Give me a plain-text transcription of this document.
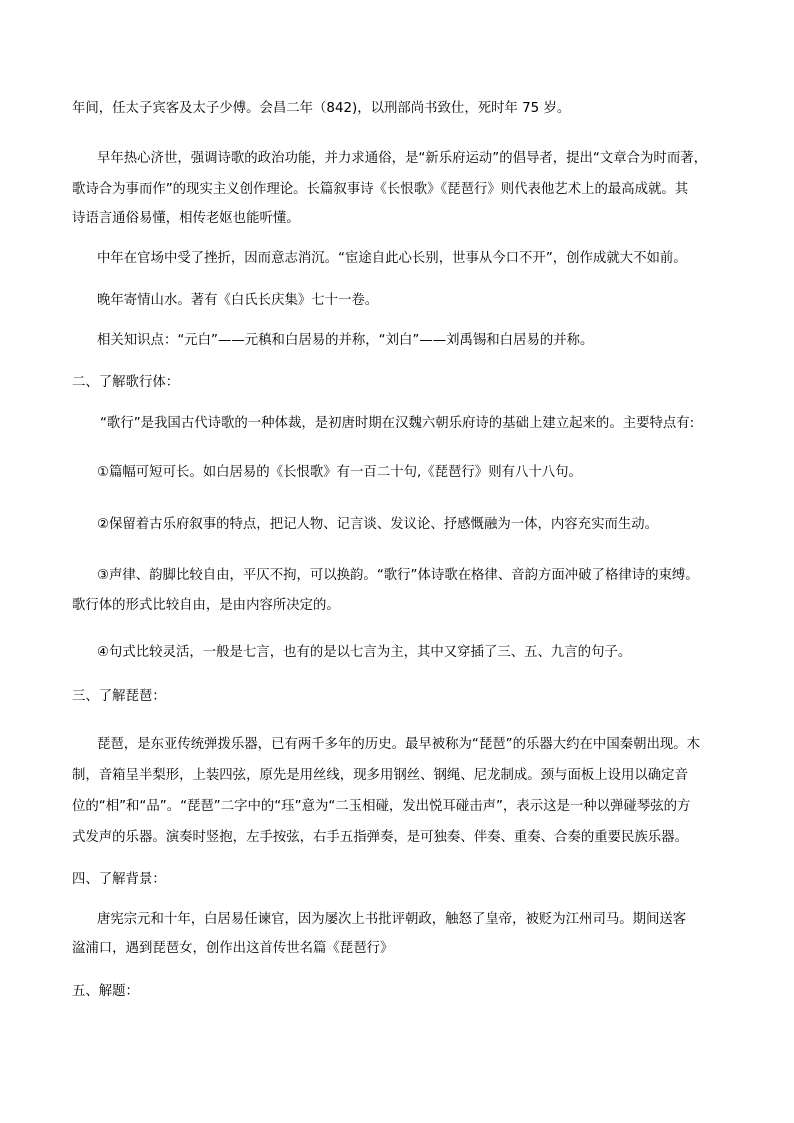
年间，任太子宾客及太子少傅。会昌二年（842)，以刑部尚书致仕，死时年 75 岁。
早年热心济世，强调诗歌的政治功能，并力求通俗，是“新乐府运动”的倡导者，提出“文章合为时而著，
歌诗合为事而作”的现实主义创作理论。长篇叙事诗《长恨歌》《琵琶行》则代表他艺术上的最高成就。其
诗语言通俗易懂，相传老妪也能听懂。
中年在官场中受了挫折，因而意志消沉。“宦途自此心长别，世事从今口不开”，创作成就大不如前。
晚年寄情山水。著有《白氏长庆集》七十一卷。
相关知识点：“元白”——元稹和白居易的并称，“刘白”——刘禹锡和白居易的并称。
二、了解歌行体：
“歌行”是我国古代诗歌的一种体裁，是初唐时期在汉魏六朝乐府诗的基础上建立起来的。主要特点有:
①篇幅可短可长。如白居易的《长恨歌》有一百二十句,《琵琶行》则有八十八句。
②保留着古乐府叙事的特点，把记人物、记言谈、发议论、抒感慨融为一体，内容充实而生动。
③声律、韵脚比较自由，平仄不拘，可以换韵。“歌行”体诗歌在格律、音韵方面冲破了格律诗的束缚。
歌行体的形式比较自由，是由内容所决定的。
④句式比较灵活，一般是七言，也有的是以七言为主，其中又穿插了三、五、九言的句子。
三、了解琵琶：
琵琶，是东亚传统弹拨乐器，已有两千多年的历史。最早被称为“琵琶”的乐器大约在中国秦朝出现。木
制，音箱呈半梨形，上装四弦，原先是用丝线，现多用钢丝、钢绳、尼龙制成。颈与面板上设用以确定音
位的“相”和“品”。“琵琶”二字中的“珏”意为“二玉相碰，发出悦耳碰击声”，表示这是一种以弹碰琴弦的方
式发声的乐器。演奏时竖抱，左手按弦，右手五指弹奏，是可独奏、伴奏、重奏、合奏的重要民族乐器。
四、了解背景：
唐宪宗元和十年，白居易任谏官，因为屡次上书批评朝政，触怒了皇帝，被贬为江州司马。期间送客
湓浦口，遇到琵琶女，创作出这首传世名篇《琵琶行》
五、解题：
